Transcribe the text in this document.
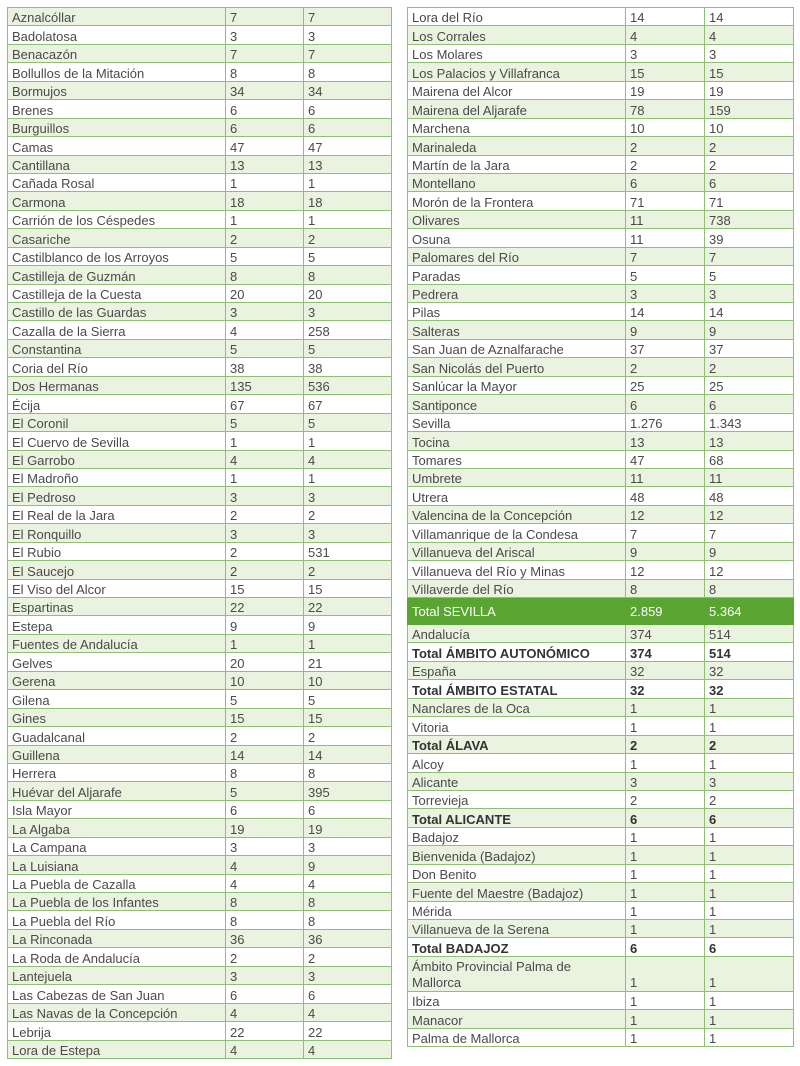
Aznalcóllar	7	7
Badolatosa	3	3
Benacazón	7	7
Bollullos de la Mitación	8	8
Bormujos	34	34
Brenes	6	6
Burguillos	6	6
Camas	47	47
Cantillana	13	13
Cañada Rosal	1	1
Carmona	18	18
Carrión de los Céspedes	1	1
Casariche	2	2
Castilblanco de los Arroyos	5	5
Castilleja de Guzmán	8	8
Castilleja de la Cuesta	20	20
Castillo de las Guardas	3	3
Cazalla de la Sierra	4	258
Constantina	5	5
Coria del Río	38	38
Dos Hermanas	135	536
Écija	67	67
El Coronil	5	5
El Cuervo de Sevilla	1	1
El Garrobo	4	4
El Madroño	1	1
El Pedroso	3	3
El Real de la Jara	2	2
El Ronquillo	3	3
El Rubio	2	531
El Saucejo	2	2
El Viso del Alcor	15	15
Espartinas	22	22
Estepa	9	9
Fuentes de Andalucía	1	1
Gelves	20	21
Gerena	10	10
Gilena	5	5
Gines	15	15
Guadalcanal	2	2
Guillena	14	14
Herrera	8	8
Huévar del Aljarafe	5	395
Isla Mayor	6	6
La Algaba	19	19
La Campana	3	3
La Luisiana	4	9
La Puebla de Cazalla	4	4
La Puebla de los Infantes	8	8
La Puebla del Río	8	8
La Rinconada	36	36
La Roda de Andalucía	2	2
Lantejuela	3	3
Las Cabezas de San Juan	6	6
Las Navas de la Concepción	4	4
Lebrija	22	22
Lora de Estepa	4	4
Lora del Río	14	14
Los Corrales	4	4
Los Molares	3	3
Los Palacios y Villafranca	15	15
Mairena del Alcor	19	19
Mairena del Aljarafe	78	159
Marchena	10	10
Marinaleda	2	2
Martín de la Jara	2	2
Montellano	6	6
Morón de la Frontera	71	71
Olivares	11	738
Osuna	11	39
Palomares del Río	7	7
Paradas	5	5
Pedrera	3	3
Pilas	14	14
Salteras	9	9
San Juan de Aznalfarache	37	37
San Nicolás del Puerto	2	2
Sanlúcar la Mayor	25	25
Santiponce	6	6
Sevilla	1.276	1.343
Tocina	13	13
Tomares	47	68
Umbrete	11	11
Utrera	48	48
Valencina de la Concepción	12	12
Villamanrique de la Condesa	7	7
Villanueva del Ariscal	9	9
Villanueva del Río y Minas	12	12
Villaverde del Río	8	8
Total SEVILLA	2.859	5.364
Andalucía	374	514
Total ÁMBITO AUTONÓMICO	374	514
España	32	32
Total ÁMBITO ESTATAL	32	32
Nanclares de la Oca	1	1
Vitoria	1	1
Total ÁLAVA	2	2
Alcoy	1	1
Alicante	3	3
Torrevieja	2	2
Total ALICANTE	6	6
Badajoz	1	1
Bienvenida (Badajoz)	1	1
Don Benito	1	1
Fuente del Maestre (Badajoz)	1	1
Mérida	1	1
Villanueva de la Serena	1	1
Total BADAJOZ	6	6
Ámbito Provincial Palma de Mallorca	1	1
Ibiza	1	1
Manacor	1	1
Palma de Mallorca	1	1
